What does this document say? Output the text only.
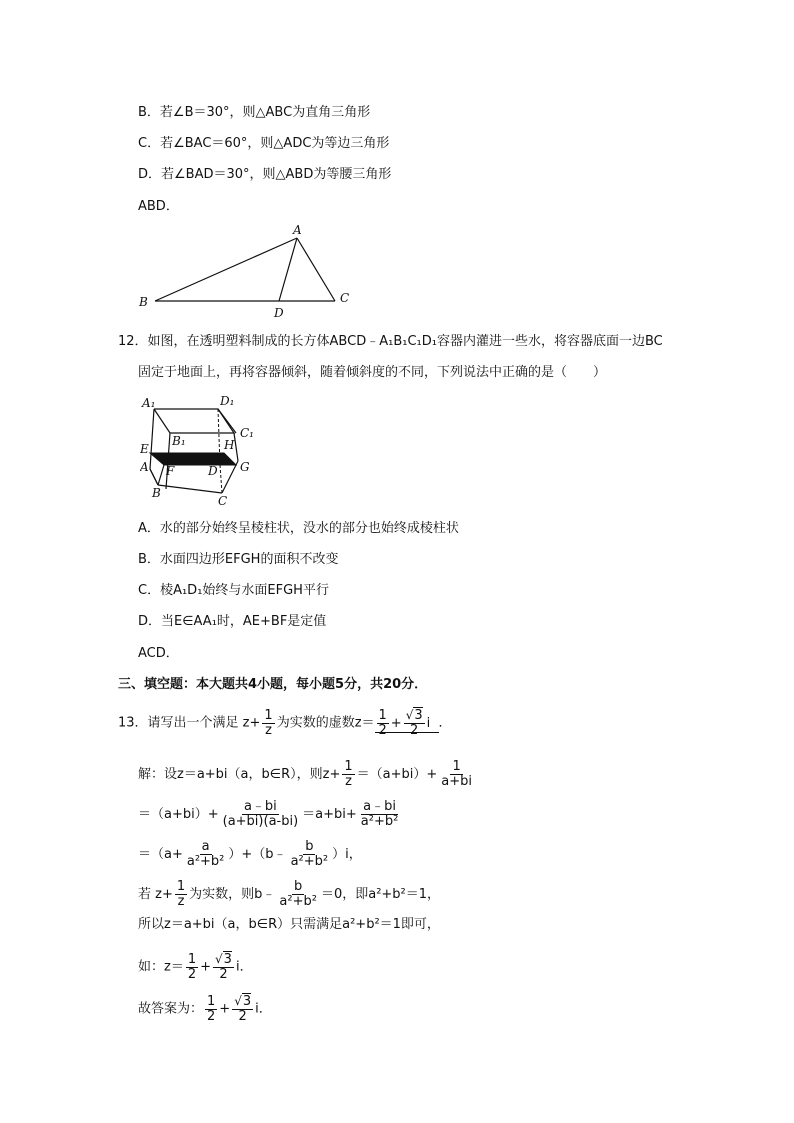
B．若∠B＝30°，则△ABC为直角三角形
C．若∠BAC＝60°，则△ADC为等边三角形
D．若∠BAD＝30°，则△ABD为等腰三角形
ABD．
A
B	C
D
12．如图，在透明塑料制成的长方体ABCD﹣A₁B₁C₁D₁容器内灌进一些水，将容器底面一边BC
固定于地面上，再将容器倾斜，随着倾斜度的不同，下列说法中正确的是（　　）
A₁	D₁
C₁
B₁	H
E
A F	D G
B
C
A．水的部分始终呈棱柱状，没水的部分也始终成棱柱状
B．水面四边形EFGH的面积不改变
C．棱A₁D₁始终与水面EFGH平行
D．当E∈AA₁时，AE+BF是定值
ACD．
三、填空题：本大题共4小题，每小题5分，共20分．
13．请写出一个满足 $z+ \frac{1}{z}$ 为实数的虚数$z= \frac{1}{2} + \frac{√3}{2}$ i ．
解：设z＝a+bi（a，b∈R），则$z+ \frac{1}{z} =(a+bi)+ \frac{1}{a+bi}$
$=(a+bi)+ \frac{a﹣bi}{(a+bi)(a-bi)} =a+bi+ \frac{a﹣bi}{\text{a²+b²}}$
$=(a+ \frac{a}{\text{a²+b²}}$ ）+（b﹣ $\frac{b}{\text{a²+b²}} )i$，
若 $z+ \frac{1}{z}$ 为实数，则b﹣ $\frac{b}{\text{a²+b²}} =0$，即a²+b²＝1，
所以z＝a+bi（a，b∈R）只需满足a²+b²＝1即可，
如：$z= \frac{1}{2} + \frac{√3}{2}$ i．
故答案为： $\frac{1}{2} + \frac{√3}{2}$ i．
